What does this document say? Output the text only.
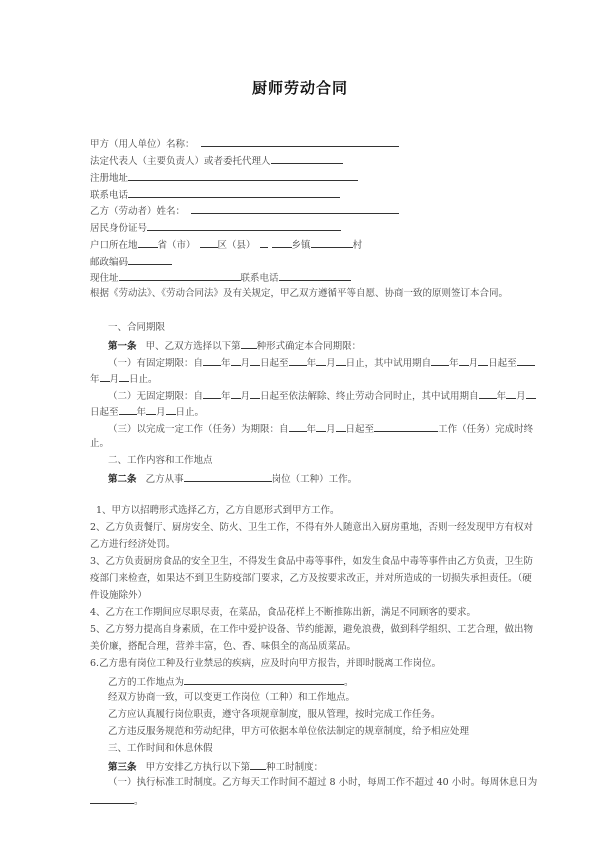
厨师劳动合同
甲方（用人单位）名称：
法定代表人（主要负责人）或者委托代理人
注册地址
联系电话
乙方（劳动者）姓名：
居民身份证号
户口所在地 省（市） 区（县）	乡镇	村
邮政编码
现住址	联系电话
根据《劳动法》、《劳动合同法》及有关规定，甲乙双方遵循平等自愿、协商一致的原则签订本合同。
一、合同期限
第一条 甲、乙双方选择以下第 种形式确定本合同期限：
（一）有固定期限：自 年 月 日起至 年 月 日止，其中试用期自 年 月 日起至
年 月 日止。
（二）无固定期限：自 年 月 日起至依法解除、终止劳动合同时止，其中试用期自 年 月
日起至 年 月 日止。
（三）以完成一定工作（任务）为期限：自 年 月 日起至	工作（任务）完成时终
止。
二、工作内容和工作地点
第二条 乙方从事	岗位（工种）工作。
1、甲方以招聘形式选择乙方，乙方自愿形式到甲方工作。
2、乙方负责餐厅、厨房安全、防火、卫生工作，不得有外人随意出入厨房重地，否则一经发现甲方有权对
乙方进行经济处罚。
3、乙方负责厨房食品的安全卫生，不得发生食品中毒等事件，如发生食品中毒等事件由乙方负责，卫生防
疫部门来检查，如果达不到卫生防疫部门要求，乙方及按要求改正，并对所造成的一切损失承担责任。（硬
件设施除外）
4、乙方在工作期间应尽职尽责，在菜品，食品花样上不断推陈出新，满足不同顾客的要求。
5、乙方努力提高自身素质，在工作中爱护设备、节约能源，避免浪费，做到科学组织、工艺合理，做出物
美价廉，搭配合理，营养丰富，色、香、味俱全的高品质菜品。
6.乙方患有岗位工种及行业禁忌的疾病，应及时向甲方报告，并即时脱离工作岗位。
乙方的工作地点为	。
经双方协商一致，可以变更工作岗位（工种）和工作地点。
乙方应认真履行岗位职责，遵守各项规章制度，服从管理，按时完成工作任务。
乙方违反服务规范和劳动纪律，甲方可依据本单位依法制定的规章制度，给予相应处理
三、工作时间和休息休假
第三条 甲方安排乙方执行以下第 种工时制度：
（一）执行标准工时制度。乙方每天工作时间不超过 8 小时，每周工作不超过 40 小时。每周休息日为
。
